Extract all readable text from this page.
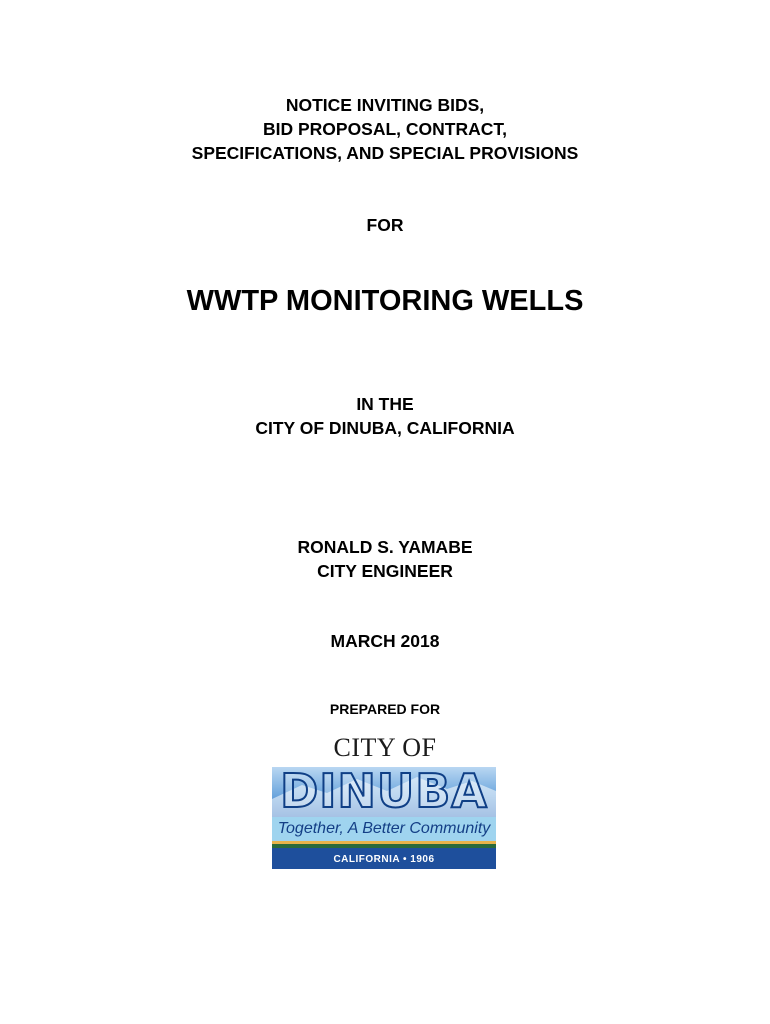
NOTICE INVITING BIDS,
BID PROPOSAL, CONTRACT,
SPECIFICATIONS, AND SPECIAL PROVISIONS
FOR
WWTP MONITORING WELLS
IN THE
CITY OF DINUBA, CALIFORNIA
RONALD S. YAMABE
CITY ENGINEER
MARCH 2018
PREPARED FOR
CITY OF
DINUBA
Together, A Better Community
CALIFORNIA • 1906
